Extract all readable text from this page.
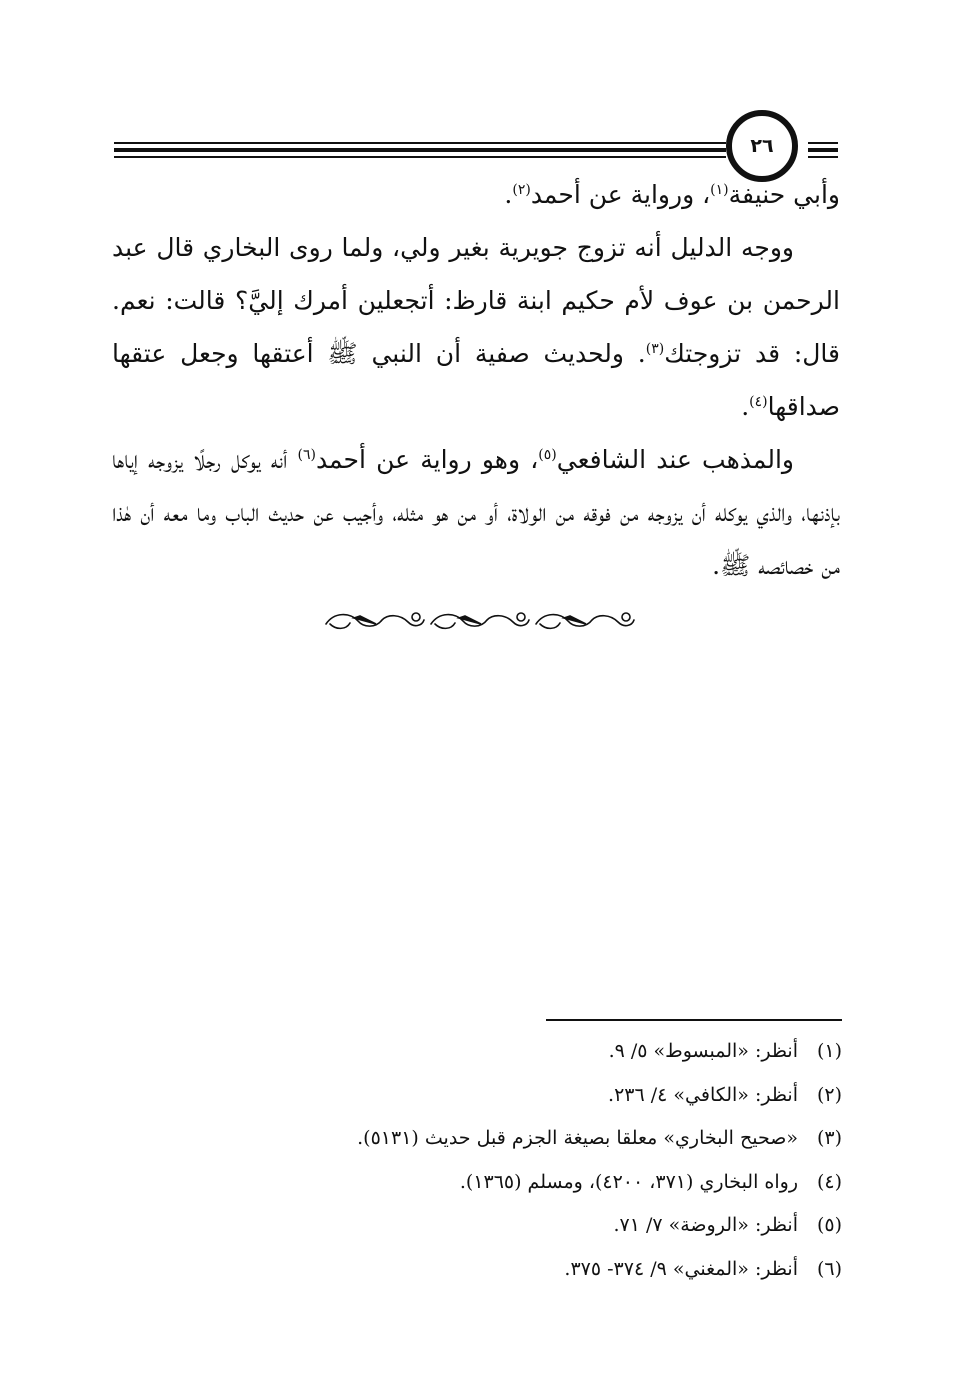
٢٦

وأبي حنيفة$^{(١)}$، ورواية عن أحمد$^{(٢)}$.

ووجه الدليل أنه تزوج جويرية بغير ولي، ولما روى البخاري قال عبد الرحمن بن عوف لأم حكيم ابنة قارظ: أتجعلين أمرك إليَّ؟ قالت: نعم. قال: قد تزوجتك$^{(٣)}$. ولحديث صفية أن النبي ﷺ أعتقها وجعل عتقها صداقها$^{(٤)}$.

والمذهب عند الشافعي$^{(٥)}$، وهو رواية عن أحمد$^{(٦)}$ أنه يوكل رجلًا يزوجه إياها بإذنها، والذي يوكله أن يزوجه من فوقه من الولاة، أو من هو مثله، وأجيب عن حديث الباب وما معه أن هٰذا من خصائصه ﷺ.

(١)
أنظر: «المبسوط» ٥/ ٩.
(٢)
أنظر: «الكافي» ٤/ ٢٣٦.
(٣)
«صحيح البخاري» معلقا بصيغة الجزم قبل حديث (٥١٣١).
(٤)
رواه البخاري (٣٧١، ٤٢٠٠)، ومسلم (١٣٦٥).
(٥)
أنظر: «الروضة» ٧/ ٧١.
(٦)
أنظر: «المغني» ٩/ ٣٧٤- ٣٧٥.
